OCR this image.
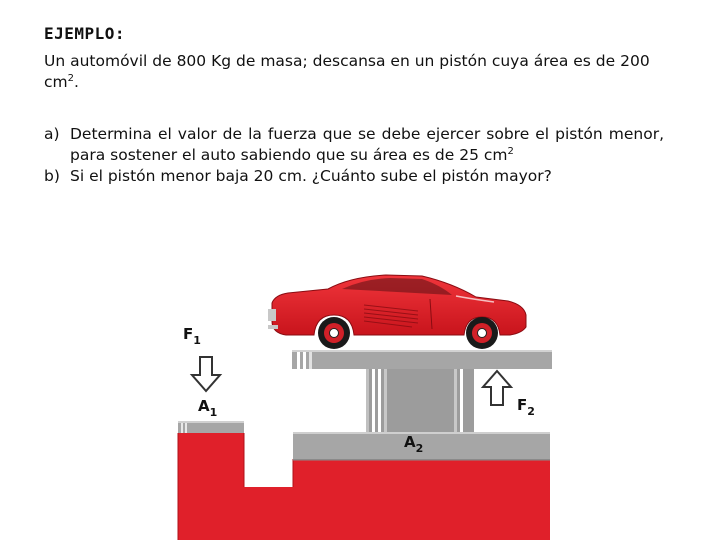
EJEMPLO:
Un automóvil de 800 Kg de masa; descansa en un pistón cuya área es de 200 $cm^2$.
a) Determina el valor de la fuerza que se debe ejercer sobre el pistón menor, para sostener el auto sabiendo que su área es de 25 $cm^2$
b) Si el pistón menor baja 20 cm. ¿Cuánto sube el pistón mayor?
$F_1$
$A_1$	$F_2$
$A_2$
